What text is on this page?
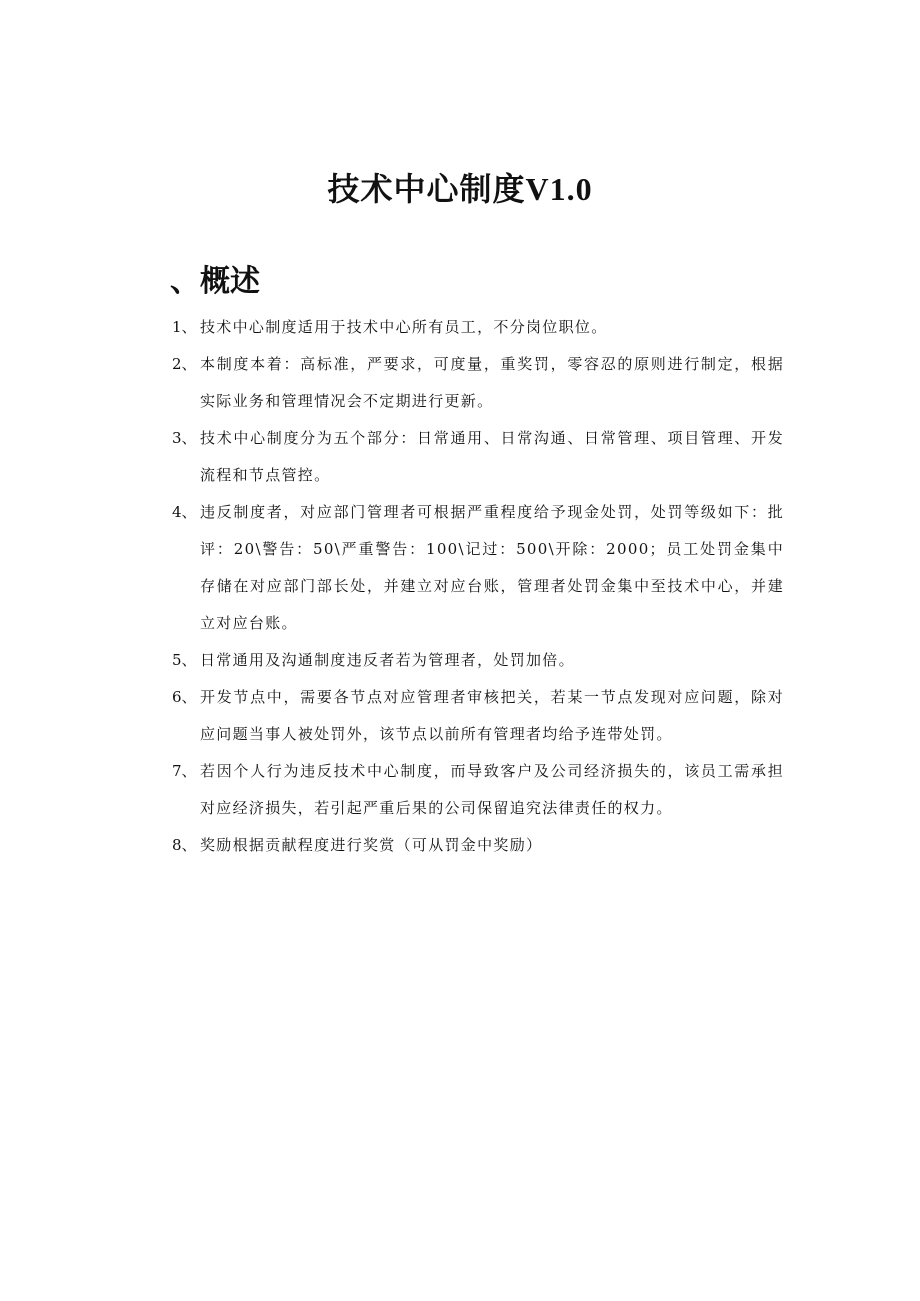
技术中心制度V1.0
、概述
1、 技术中心制度适用于技术中心所有员工，不分岗位职位。
2、 本制度本着：高标准，严要求，可度量，重奖罚，零容忍的原则进行制定，根据实际业务和管理情况会不定期进行更新。
3、 技术中心制度分为五个部分：日常通用、日常沟通、日常管理、项目管理、开发流程和节点管控。
4、 违反制度者，对应部门管理者可根据严重程度给予现金处罚，处罚等级如下：批评：20\警告：50\严重警告：100\记过：500\开除：2000；员工处罚金集中存储在对应部门部长处，并建立对应台账，管理者处罚金集中至技术中心，并建立对应台账。
5、 日常通用及沟通制度违反者若为管理者，处罚加倍。
6、 开发节点中，需要各节点对应管理者审核把关，若某一节点发现对应问题，除对应问题当事人被处罚外，该节点以前所有管理者均给予连带处罚。
7、 若因个人行为违反技术中心制度，而导致客户及公司经济损失的，该员工需承担对应经济损失，若引起严重后果的公司保留追究法律责任的权力。
8、 奖励根据贡献程度进行奖赏（可从罚金中奖励）
